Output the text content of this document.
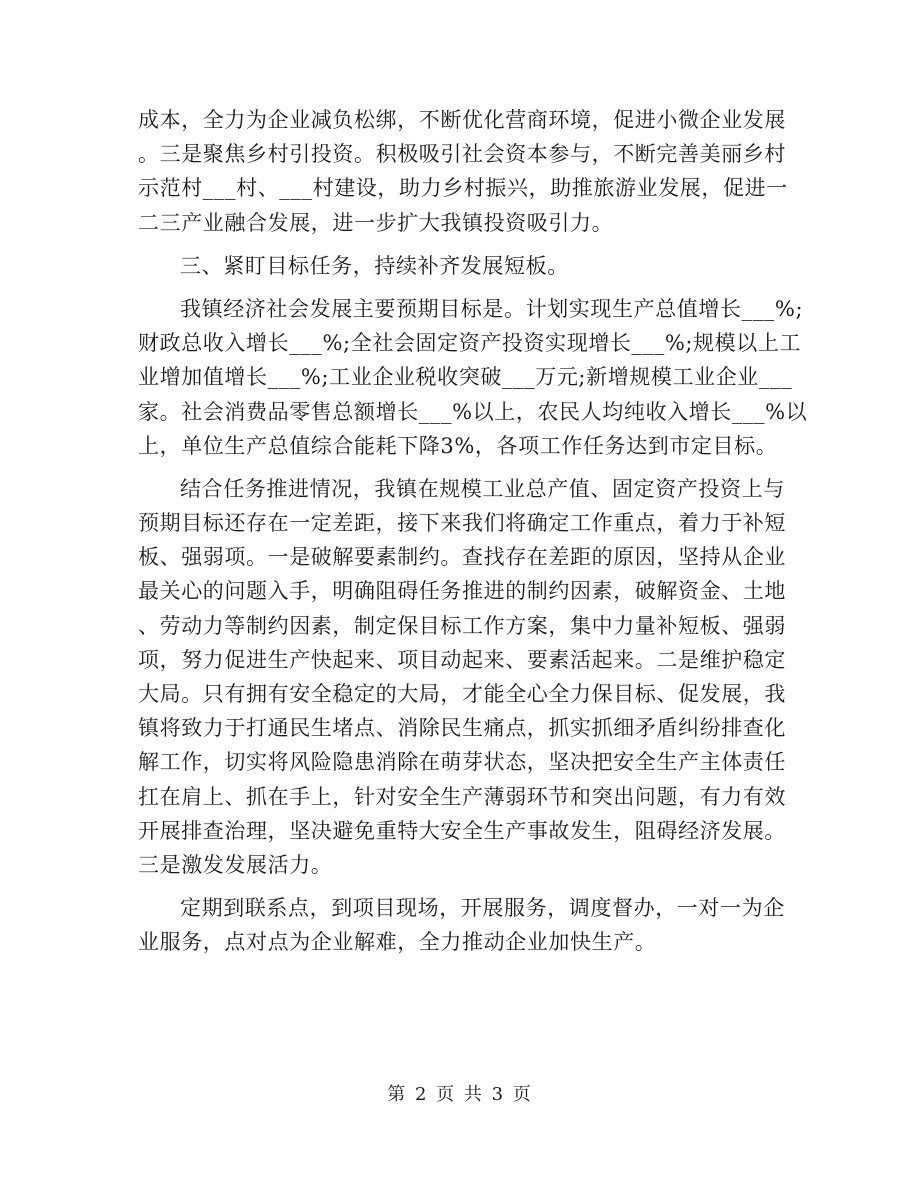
成本，全力为企业减负松绑，不断优化营商环境，促进小微企业发展
。三是聚焦乡村引投资。积极吸引社会资本参与，不断完善美丽乡村
示范村___村、___村建设，助力乡村振兴，助推旅游业发展，促进一
二三产业融合发展，进一步扩大我镇投资吸引力。
三、紧盯目标任务，持续补齐发展短板。
我镇经济社会发展主要预期目标是。计划实现生产总值增长___%;
财政总收入增长___%;全社会固定资产投资实现增长___%;规模以上工
业增加值增长___%;工业企业税收突破___万元;新增规模工业企业___
家。社会消费品零售总额增长___%以上，农民人均纯收入增长___%以
上，单位生产总值综合能耗下降3%，各项工作任务达到市定目标。
结合任务推进情况，我镇在规模工业总产值、固定资产投资上与
预期目标还存在一定差距，接下来我们将确定工作重点，着力于补短
板、强弱项。一是破解要素制约。查找存在差距的原因，坚持从企业
最关心的问题入手，明确阻碍任务推进的制约因素，破解资金、土地
、劳动力等制约因素，制定保目标工作方案，集中力量补短板、强弱
项，努力促进生产快起来、项目动起来、要素活起来。二是维护稳定
大局。只有拥有安全稳定的大局，才能全心全力保目标、促发展，我
镇将致力于打通民生堵点、消除民生痛点，抓实抓细矛盾纠纷排查化
解工作，切实将风险隐患消除在萌芽状态，坚决把安全生产主体责任
扛在肩上、抓在手上，针对安全生产薄弱环节和突出问题，有力有效
开展排查治理，坚决避免重特大安全生产事故发生，阻碍经济发展。
三是激发发展活力。
定期到联系点，到项目现场，开展服务，调度督办，一对一为企
业服务，点对点为企业解难，全力推动企业加快生产。
第 2 页 共 3 页
